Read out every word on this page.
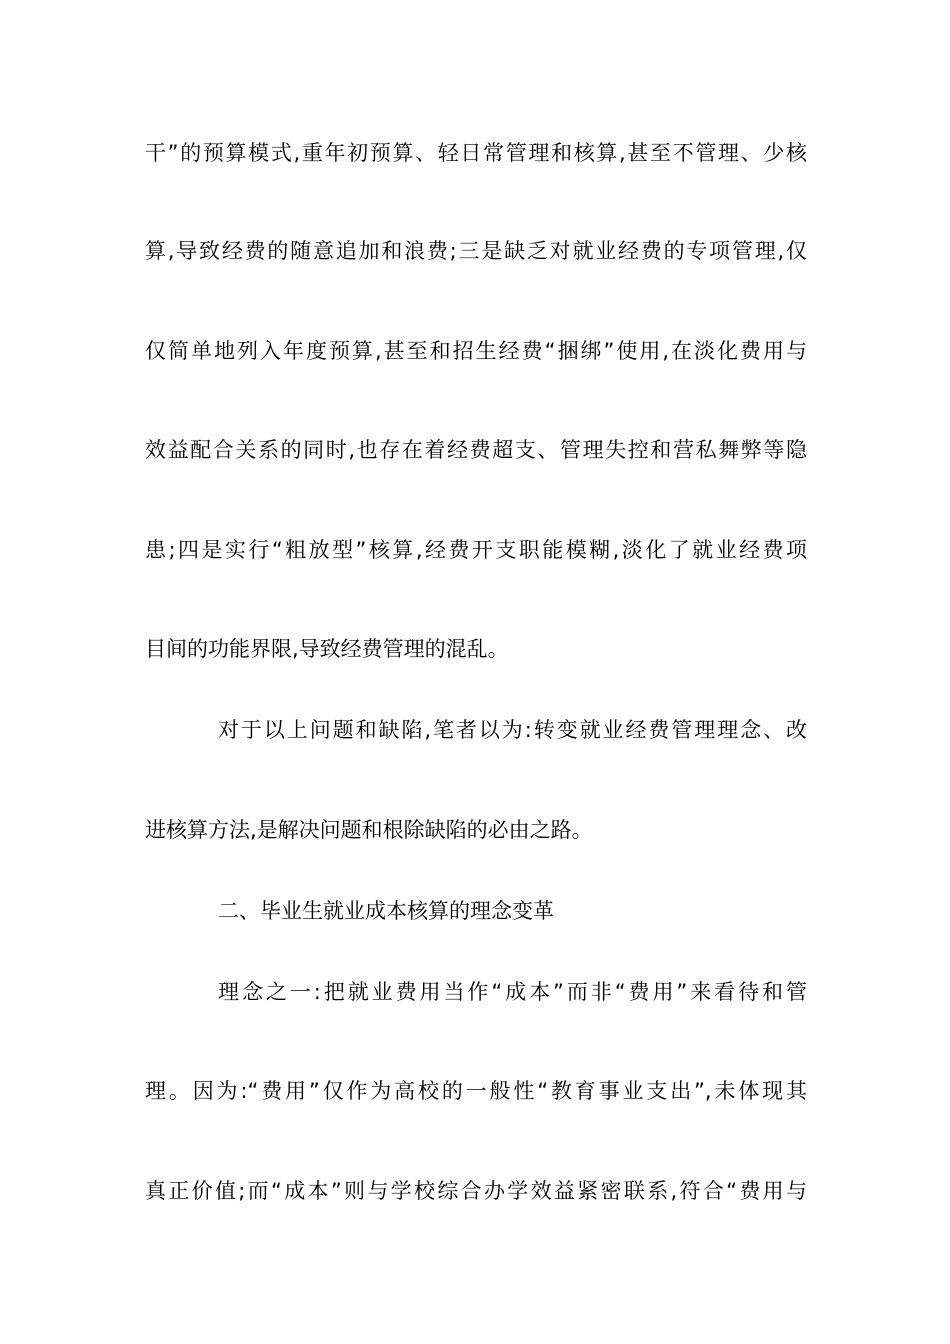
干”的预算模式,重年初预算、轻日常管理和核算,甚至不管理、少核
算,导致经费的随意追加和浪费;三是缺乏对就业经费的专项管理,仅
仅简单地列入年度预算,甚至和招生经费“捆绑”使用,在淡化费用与
效益配合关系的同时,也存在着经费超支、管理失控和营私舞弊等隐
患;四是实行“粗放型”核算,经费开支职能模糊,淡化了就业经费项
目间的功能界限,导致经费管理的混乱。
对于以上问题和缺陷,笔者以为:转变就业经费管理理念、改
进核算方法,是解决问题和根除缺陷的必由之路。
二、毕业生就业成本核算的理念变革
理念之一:把就业费用当作“成本”而非“费用”来看待和管
理。因为:“费用”仅作为高校的一般性“教育事业支出”,未体现其
真正价值;而“成本”则与学校综合办学效益紧密联系,符合“费用与
